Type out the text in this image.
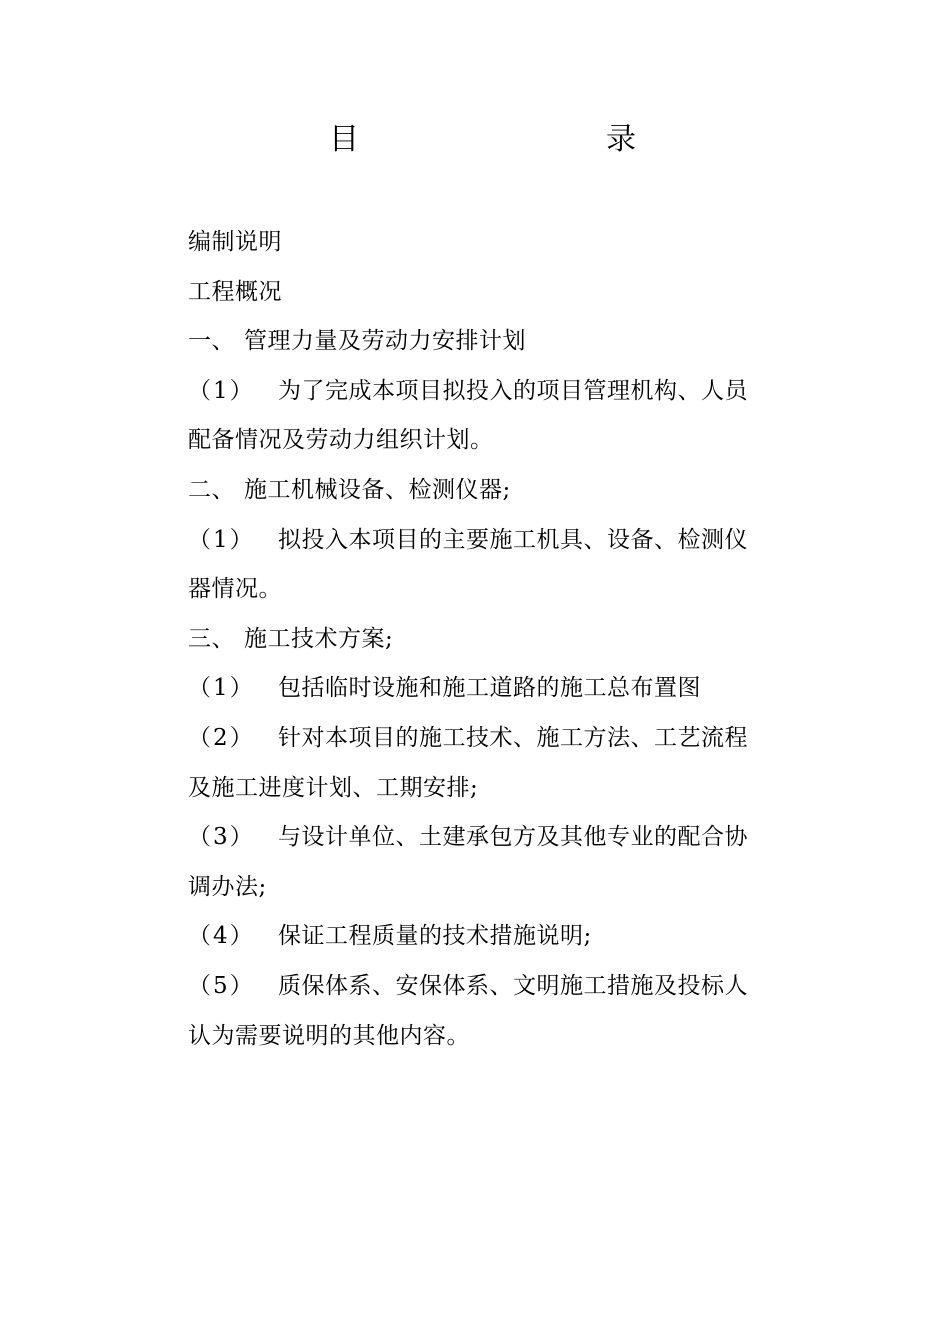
目	录
编制说明
工程概况
一、 管理力量及劳动力安排计划
（1） 为了完成本项目拟投入的项目管理机构、人员
配备情况及劳动力组织计划。
二、 施工机械设备、检测仪器;
（1） 拟投入本项目的主要施工机具、设备、检测仪
器情况。
三、 施工技术方案;
（1） 包括临时设施和施工道路的施工总布置图
（2） 针对本项目的施工技术、施工方法、工艺流程
及施工进度计划、工期安排;
（3） 与设计单位、土建承包方及其他专业的配合协
调办法;
（4） 保证工程质量的技术措施说明;
（5） 质保体系、安保体系、文明施工措施及投标人
认为需要说明的其他内容。
